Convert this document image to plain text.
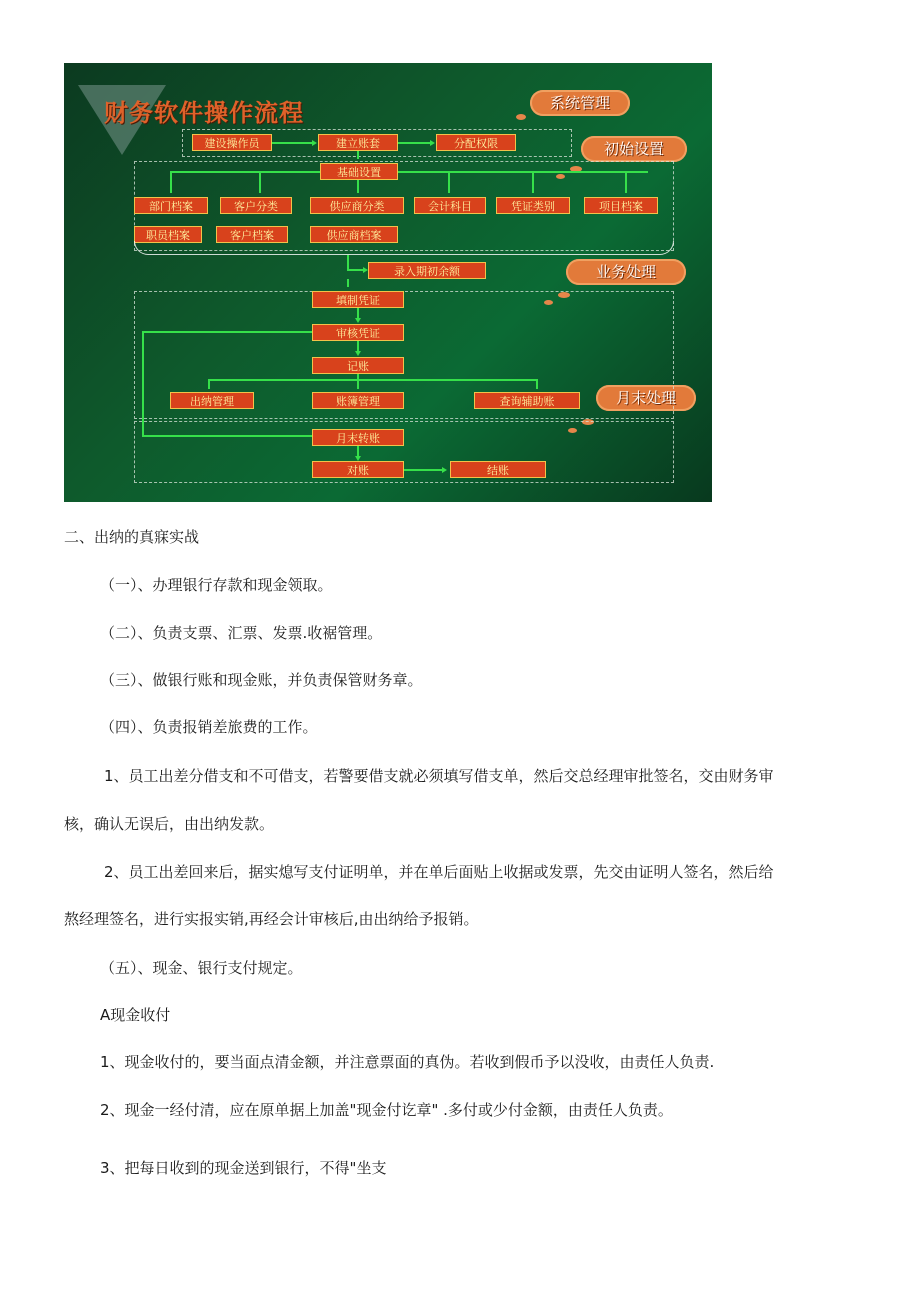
财务软件操作流程	系统管理
初始设置
业务处理
月末处理
建设操作员	建立账套	分配权限
基础设置
部门档案	客户分类	供应商分类	会计科目	凭证类别	项目档案
职员档案	客户档案	供应商档案
录入期初余额
填制凭证
审核凭证
记账
出纳管理	账簿管理	查询辅助账
月末转账
对账	结账
二、出纳的真寐实战
（一）、办理银行存款和现金领取。
（二）、负责支票、汇票、发票.收裾管理。
（三）、做银行账和现金账，并负责保管财务章。
（四）、负责报销差旅费的工作。
1、员工出差分借支和不可借支，若警要借支就必须填写借支单，然后交总经理审批签名，交由财务审
核，确认无误后，由出纳发款。
2、员工出差回来后，据实熄写支付证明单，并在单后面贴上收据或发票，先交由证明人签名，然后给
熬经理签名，进行实报实销,再经会计审核后,由出纳给予报销。
（五）、现金、银行支付规定。
A现金收付
1、现金收付的，要当面点清金额，并注意票面的真伪。若收到假币予以没收，由责任人负责.
2、现金一经付清，应在原单据上加盖"现金付讫章" .多付或少付金额，由责任人负责。
3、把每日收到的现金送到银行，不得"坐支
